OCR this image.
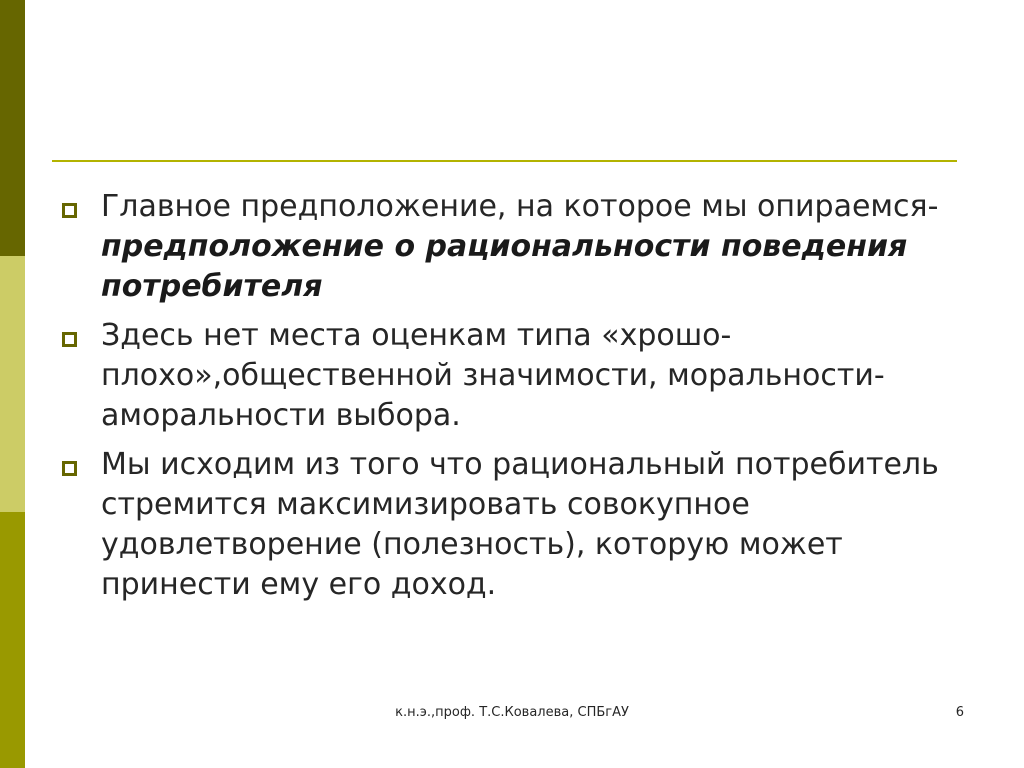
Главное предположение, на которое мы опираемся- предположение о рациональности поведения потребителя
Здесь нет места оценкам типа «хрошо-плохо»,общественной значимости, моральности-аморальности выбора.
Мы исходим из того что рациональный потребитель стремится максимизировать совокупное удовлетворение (полезность), которую может принести ему его доход.
к.н.э.,проф. Т.С.Ковалева, СПБгАУ	6
